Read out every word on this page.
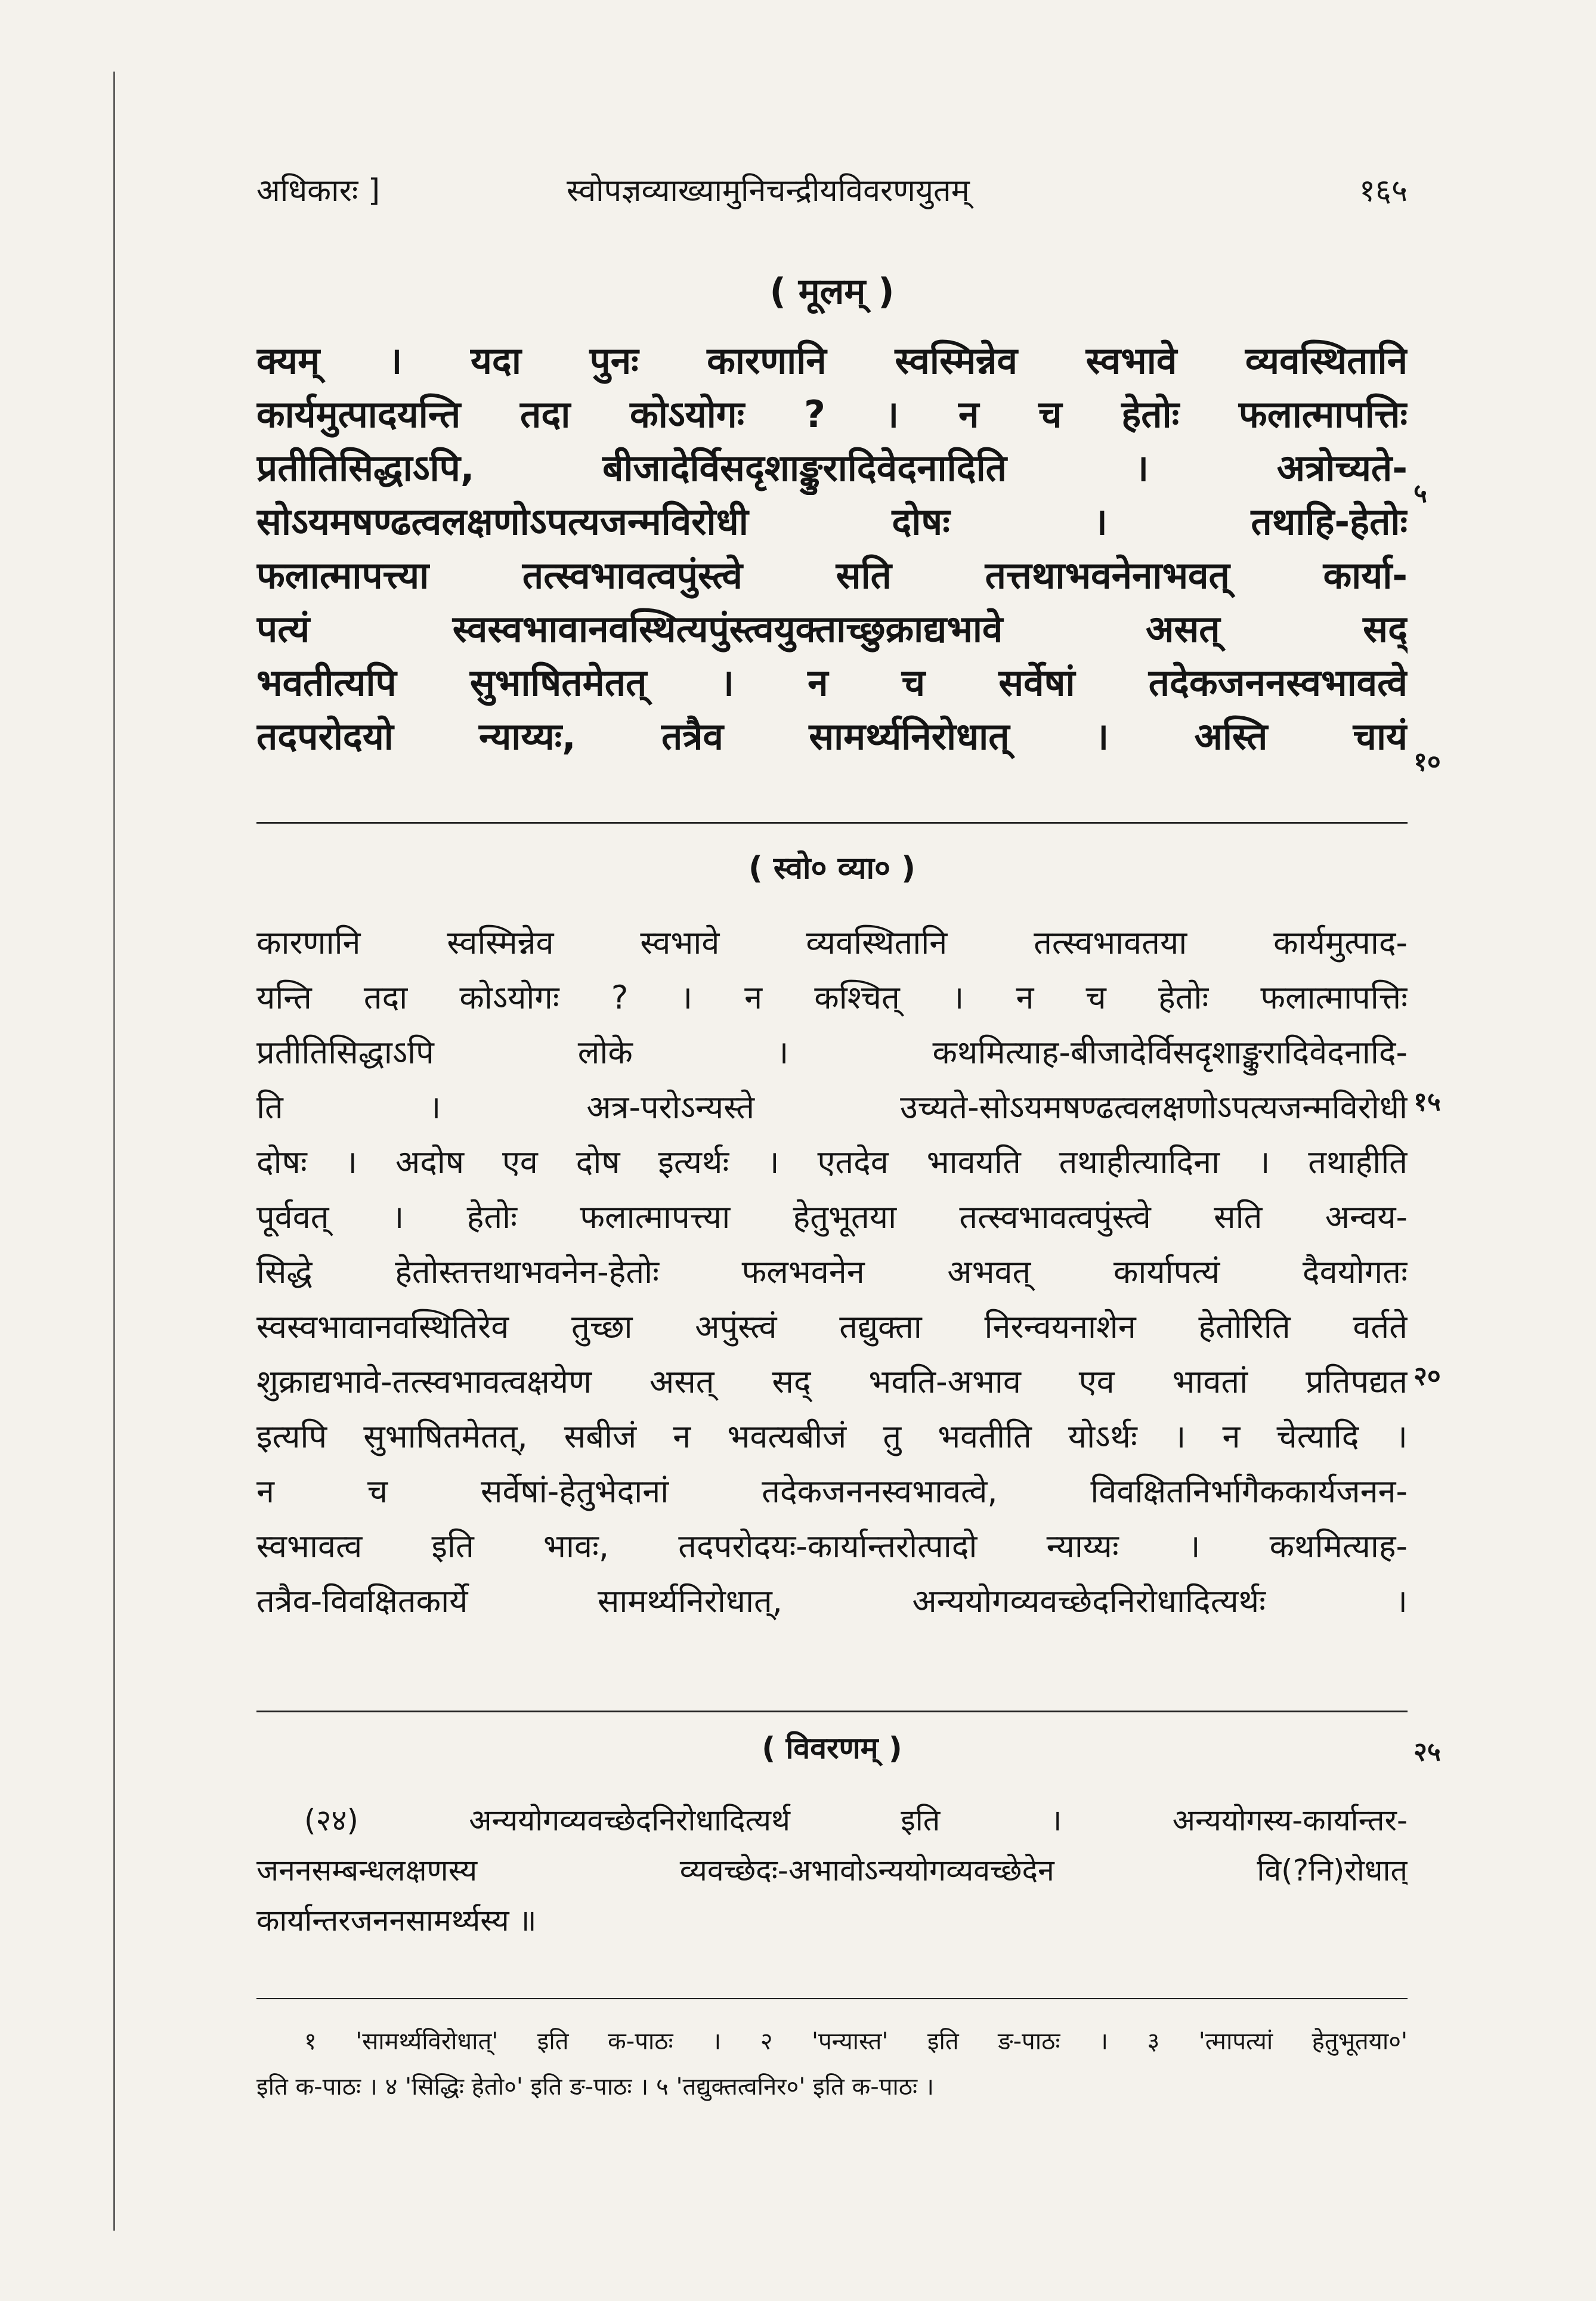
अधिकारः ]	स्वोपज्ञव्याख्यामुनिचन्द्रीयविवरणयुतम्	१६५
( मूलम् )
क्यम् । यदा पुनः कारणानि स्वस्मिन्नेव स्वभावे व्यवस्थितानि
कार्यमुत्पादयन्ति तदा कोऽयोगः ? । न च हेतोः फलात्मापत्तिः
प्रतीतिसिद्धाऽपि, बीजादेर्विसदृशाङ्कुरादिवेदनादिति । अत्रोच्यते-
सोऽयमषण्ढत्वलक्षणोऽपत्यजन्मविरोधी दोषः । तथाहि-हेतोः
फलात्मापत्त्या तत्स्वभावत्वपुंस्त्वे सति तत्तथाभवनेनाभवत् कार्या-
पत्यं स्वस्वभावानवस्थित्यपुंस्त्वयुक्ताच्छुक्राद्यभावे असत् सद्
भवतीत्यपि सुभाषितमेतत् । न च सर्वेषां तदेकजननस्वभावत्वे
तदपरोदयो न्याय्यः, तत्रैव सामर्थ्यनिरोधात् । अस्ति चायं
५
१०
( स्वो० व्या० )
कारणानि स्वस्मिन्नेव स्वभावे व्यवस्थितानि तत्स्वभावतया कार्यमुत्पाद-
यन्ति तदा कोऽयोगः ? । न कश्चित् । न च हेतोः फलात्मापत्तिः
प्रतीतिसिद्धाऽपि लोके । कथमित्याह-बीजादेर्विसदृशाङ्कुरादिवेदनादि-
ति । अत्र-परोऽन्यस्ते उच्यते-सोऽयमषण्ढत्वलक्षणोऽपत्यजन्मविरोधी
दोषः । अदोष एव दोष इत्यर्थः । एतदेव भावयति तथाहीत्यादिना । तथाहीति
पूर्ववत् । हेतोः फलात्मापत्त्या हेतुभूतया तत्स्वभावत्वपुंस्त्वे सति अन्वय-
सिद्धे हेतोस्तत्तथाभवनेन-हेतोः फलभवनेन अभवत् कार्यापत्यं दैवयोगतः
स्वस्वभावानवस्थितिरेव तुच्छा अपुंस्त्वं तद्युक्ता निरन्वयनाशेन हेतोरिति वर्तते
शुक्राद्यभावे-तत्स्वभावत्वक्षयेण असत् सद् भवति-अभाव एव भावतां प्रतिपद्यत
इत्यपि सुभाषितमेतत्, सबीजं न भवत्यबीजं तु भवतीति योऽर्थः । न चेत्यादि ।
न च सर्वेषां-हेतुभेदानां तदेकजननस्वभावत्वे, विवक्षितनिर्भागैककार्यजनन-
स्वभावत्व इति भावः, तदपरोदयः-कार्यान्तरोत्पादो न्याय्यः । कथमित्याह-
तत्रैव-विवक्षितकार्ये सामर्थ्यनिरोधात्, अन्ययोगव्यवच्छेदनिरोधादित्यर्थः ।
१५
२०
( विवरणम् )	२५
(२४) अन्ययोगव्यवच्छेदनिरोधादित्यर्थ इति । अन्ययोगस्य-कार्यान्तर-
जननसम्बन्धलक्षणस्य व्यवच्छेदः-अभावोऽन्ययोगव्यवच्छेदेन वि(?नि)रोधात्
कार्यान्तरजननसामर्थ्यस्य ॥
१ 'सामर्थ्यविरोधात्' इति क-पाठः । २ 'पन्यास्त' इति ङ-पाठः । ३ 'त्मापत्यां हेतुभूतया०'
इति क-पाठः । ४ 'सिद्धिः हेतो०' इति ङ-पाठः । ५ 'तद्युक्तत्वनिर०' इति क-पाठः ।
